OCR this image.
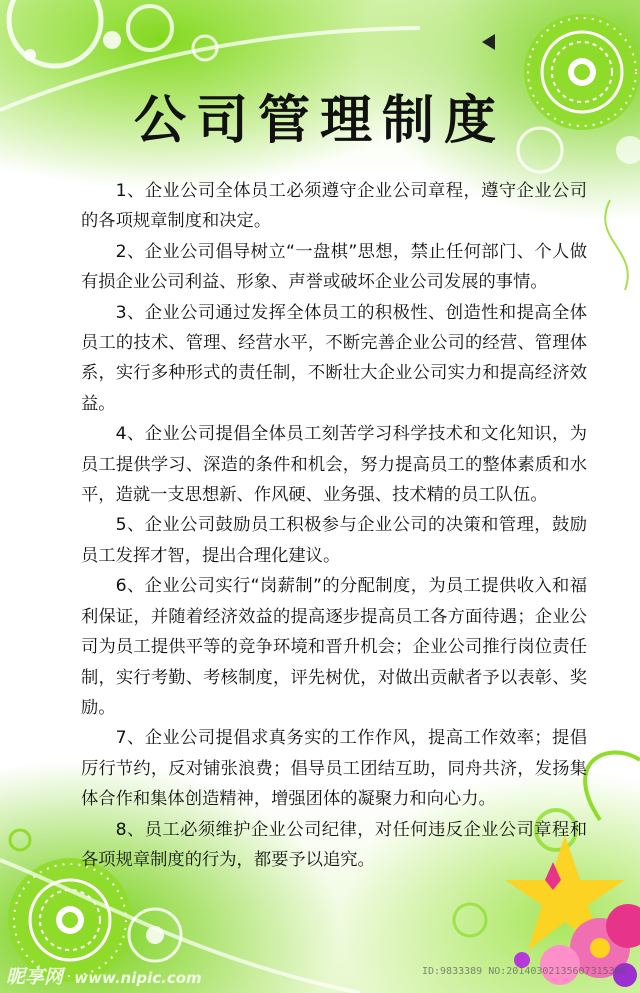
公司管理制度

1、企业公司全体员工必须遵守企业公司章程，遵守企业公司的各项规章制度和决定。

2、企业公司倡导树立“一盘棋”思想，禁止任何部门、个人做有损企业公司利益、形象、声誉或破坏企业公司发展的事情。

3、企业公司通过发挥全体员工的积极性、创造性和提高全体员工的技术、管理、经营水平，不断完善企业公司的经营、管理体系，实行多种形式的责任制，不断壮大企业公司实力和提高经济效益。

4、企业公司提倡全体员工刻苦学习科学技术和文化知识，为员工提供学习、深造的条件和机会，努力提高员工的整体素质和水平，造就一支思想新、作风硬、业务强、技术精的员工队伍。

5、企业公司鼓励员工积极参与企业公司的决策和管理，鼓励员工发挥才智，提出合理化建议。

6、企业公司实行“岗薪制”的分配制度，为员工提供收入和福利保证，并随着经济效益的提高逐步提高员工各方面待遇；企业公司为员工提供平等的竞争环境和晋升机会；企业公司推行岗位责任制，实行考勤、考核制度，评先树优，对做出贡献者予以表彰、奖励。

7、企业公司提倡求真务实的工作作风，提高工作效率；提倡厉行节约，反对铺张浪费；倡导员工团结互助，同舟共济，发扬集体合作和集体创造精神，增强团体的凝聚力和向心力。

8、员工必须维护企业公司纪律，对任何违反企业公司章程和各项规章制度的行为，都要予以追究。

昵享网 www.nipic.com	ID:9833389 NO:20140302135607315306
